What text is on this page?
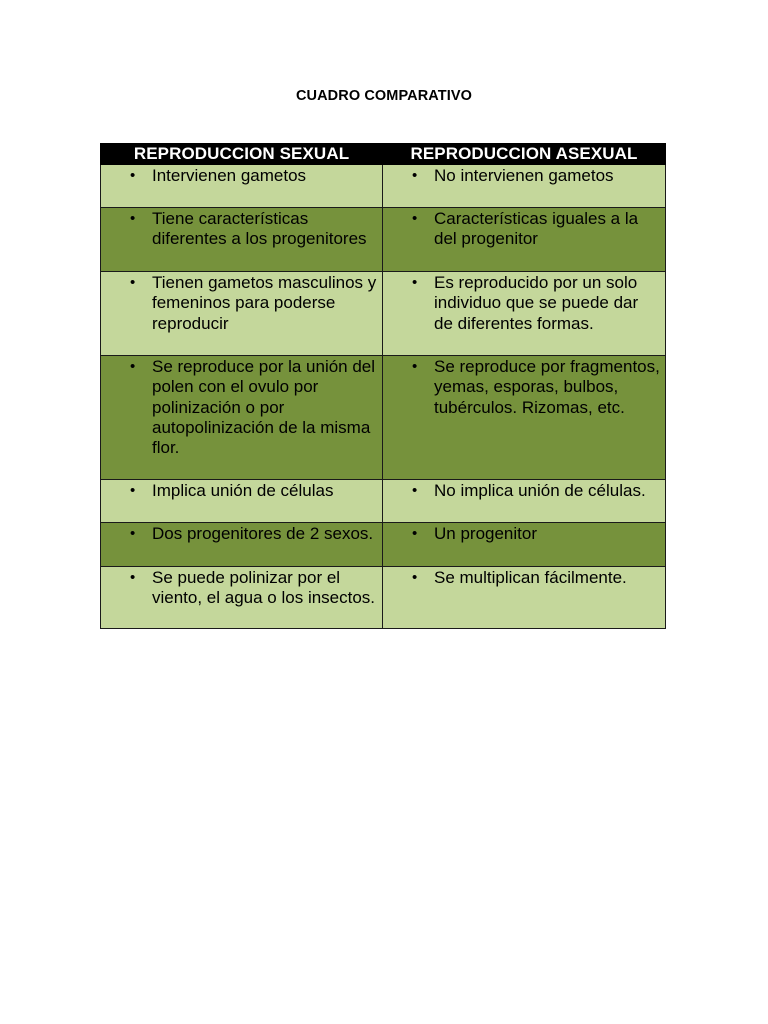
CUADRO COMPARATIVO
REPRODUCCION SEXUAL	REPRODUCCION ASEXUAL

• Intervienen gametos	• No intervienen gametos

• Tiene características diferentes a los progenitores	• Características iguales a la del progenitor

• Tienen gametos masculinos y femeninos para poderse reproducir	• Es reproducido por un solo individuo que se puede dar de diferentes formas.

• Se reproduce por la unión del polen con el ovulo por polinización o por autopolinización de la misma flor.	• Se reproduce por fragmentos, yemas, esporas, bulbos, tubérculos. Rizomas, etc.

• Implica unión de células	• No implica unión de células.

• Dos progenitores de 2 sexos.	• Un progenitor

• Se puede polinizar por el viento, el agua o los insectos.	• Se multiplican fácilmente.
